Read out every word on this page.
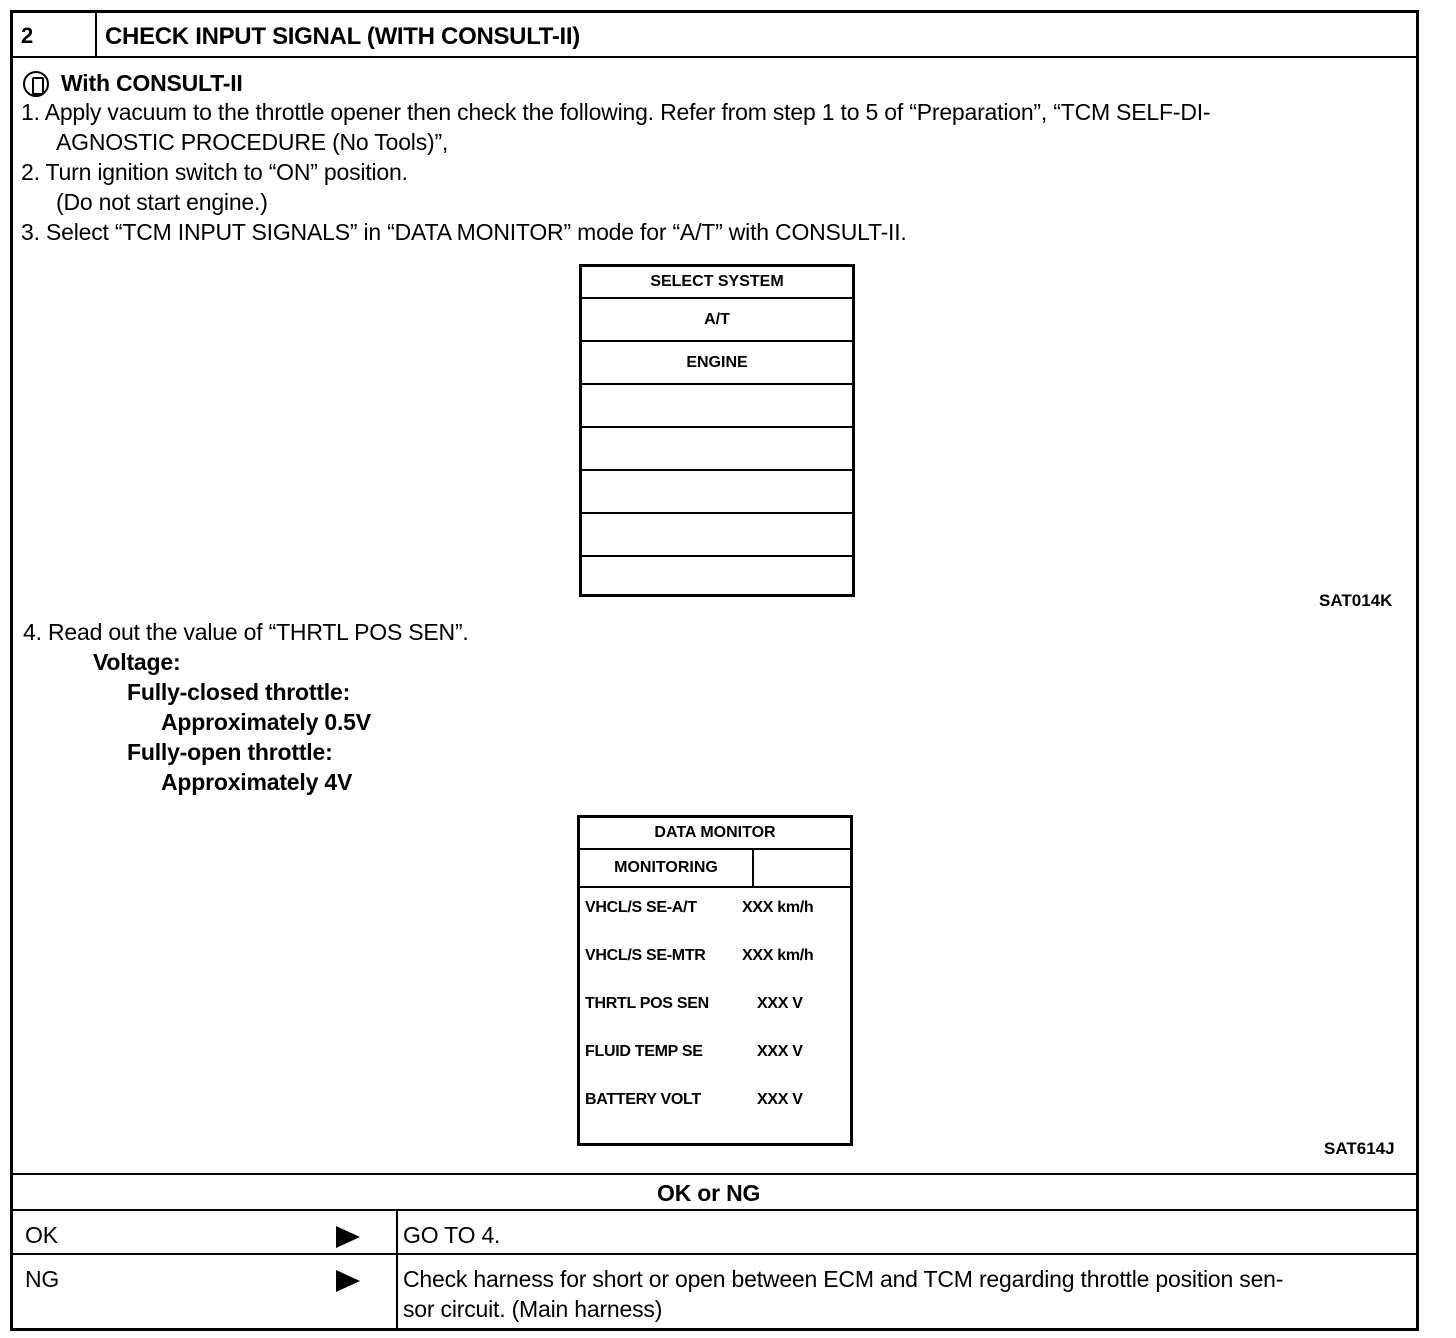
2	CHECK INPUT SIGNAL (WITH CONSULT-II)
With CONSULT-II
1. Apply vacuum to the throttle opener then check the following. Refer from step 1 to 5 of “Preparation”, “TCM SELF-DI-
AGNOSTIC PROCEDURE (No Tools)”,
2. Turn ignition switch to “ON” position.
(Do not start engine.)
3. Select “TCM INPUT SIGNALS” in “DATA MONITOR” mode for “A/T” with CONSULT-II.
SELECT SYSTEM
A/T
ENGINE
SAT014K
4. Read out the value of “THRTL POS SEN”.
Voltage:
Fully-closed throttle:
Approximately 0.5V
Fully-open throttle:
Approximately 4V
DATA MONITOR
MONITORING
VHCL/S SE-A/T	XXX km/h
VHCL/S SE-MTR XXX km/h
THRTL POS SEN	XXX V
FLUID TEMP SE	XXX V
BATTERY VOLT	XXX V
SAT614J
OK or NG
OK	GO TO 4.
NG	Check harness for short or open between ECM and TCM regarding throttle position sen-
sor circuit. (Main harness)
